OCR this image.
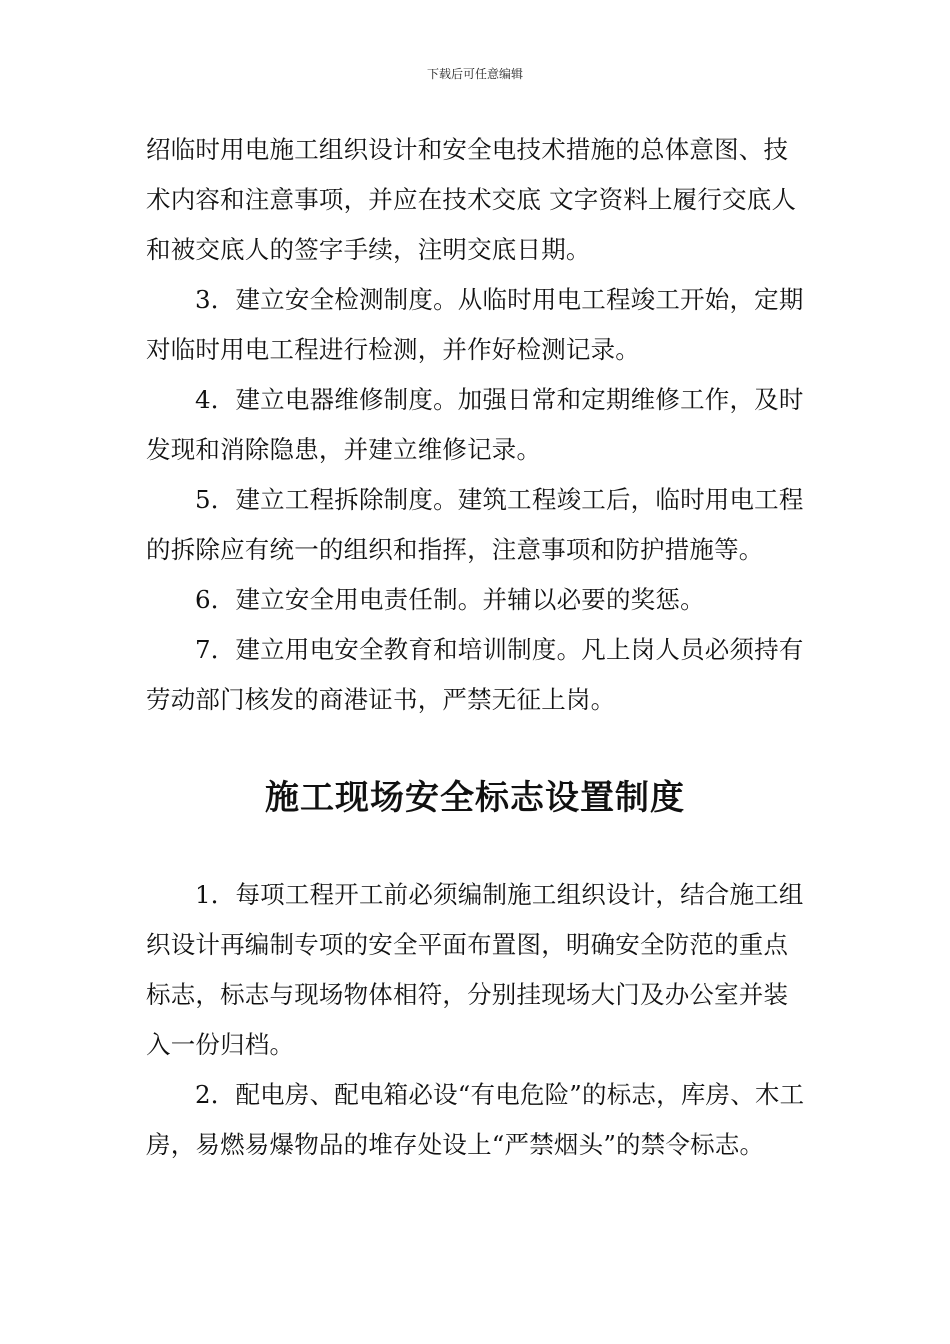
下载后可任意编辑

绍临时用电施工组织设计和安全电技术措施的总体意图、技术内容和注意事项，并应在技术交底 文字资料上履行交底人和被交底人的签字手续，注明交底日期。

3．建立安全检测制度。从临时用电工程竣工开始，定期对临时用电工程进行检测，并作好检测记录。

4．建立电器维修制度。加强日常和定期维修工作，及时发现和消除隐患，并建立维修记录。

5．建立工程拆除制度。建筑工程竣工后，临时用电工程的拆除应有统一的组织和指挥，注意事项和防护措施等。

6．建立安全用电责任制。并辅以必要的奖惩。

7．建立用电安全教育和培训制度。凡上岗人员必须持有劳动部门核发的商港证书，严禁无征上岗。

施工现场安全标志设置制度

1．每项工程开工前必须编制施工组织设计，结合施工组织设计再编制专项的安全平面布置图，明确安全防范的重点标志，标志与现场物体相符，分别挂现场大门及办公室并装入一份归档。

2．配电房、配电箱必设“有电危险”的标志，库房、木工房，易燃易爆物品的堆存处设上“严禁烟头”的禁令标志。
